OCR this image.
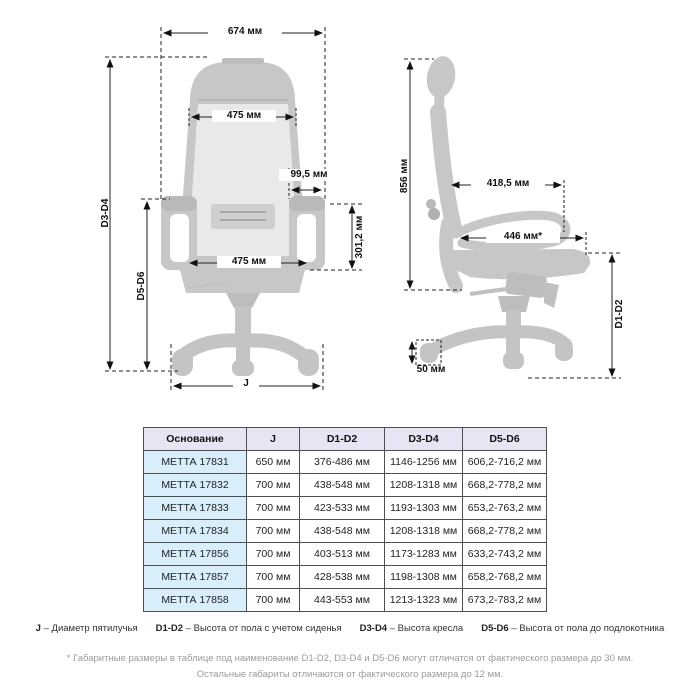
674 мм
475 мм
99,5 мм
301,2 мм
475 мм
D3-D4
D5-D6
J
856 мм	418,5 мм
446 мм*
D1-D2
50 мм
Основание	J	D1-D2	D3-D4	D5-D6
МЕТТА 17831	650 мм	376-486 мм	1146-1256 мм	606,2-716,2 мм
МЕТТА 17832	700 мм	438-548 мм	1208-1318 мм	668,2-778,2 мм
МЕТТА 17833	700 мм	423-533 мм	1193-1303 мм	653,2-763,2 мм
МЕТТА 17834	700 мм	438-548 мм	1208-1318 мм	668,2-778,2 мм
МЕТТА 17856	700 мм	403-513 мм	1173-1283 мм	633,2-743,2 мм
МЕТТА 17857	700 мм	428-538 мм	1198-1308 мм	658,2-768,2 мм
МЕТТА 17858	700 мм	443-553 мм	1213-1323 мм	673,2-783,2 мм
J – Диаметр пятилучья D1-D2 – Высота от пола с учетом сиденья D3-D4 – Высота кресла D5-D6 – Высота от пола до подлокотника
* Габаритные размеры в таблице под наименование D1-D2, D3-D4 и D5-D6 могут отличатся от фактического размера до 30 мм.
Остальные габариты отличаются от фактического размера до 12 мм.
